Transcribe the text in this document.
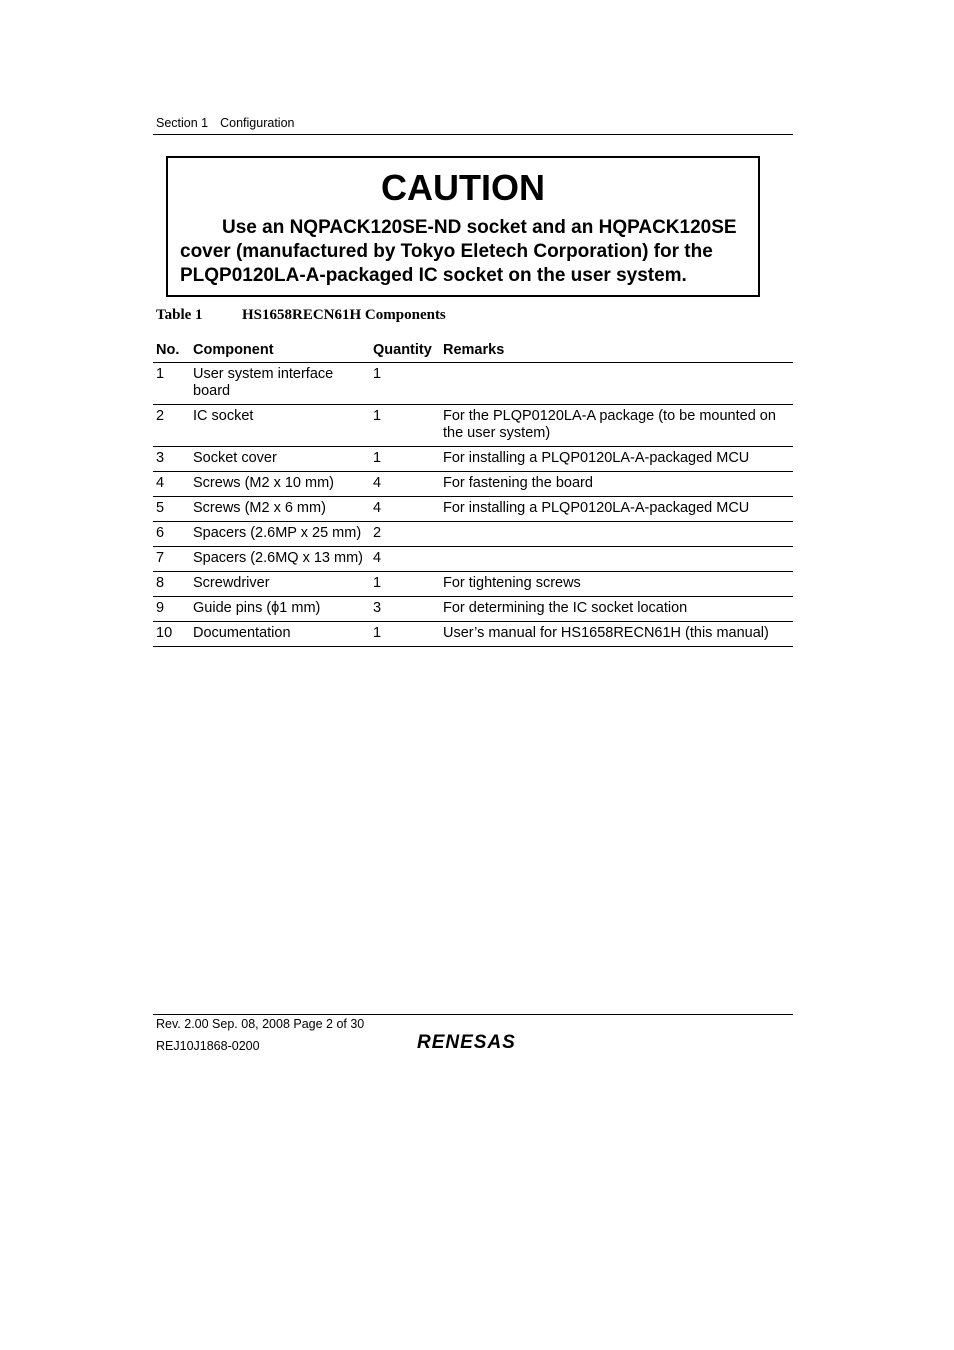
Section 1 Configuration
CAUTION
Use an NQPACK120SE-ND socket and an HQPACK120SE cover (manufactured by Tokyo Eletech Corporation) for the PLQP0120LA-A-packaged IC socket on the user system.
Table 1	HS1658RECN61H Components
No.	Component	Quantity	Remarks
1	User system interface board	1	
2	IC socket	1	For the PLQP0120LA-A package (to be mounted on the user system)
3	Socket cover	1	For installing a PLQP0120LA-A-packaged MCU
4	Screws (M2 x 10 mm)	4	For fastening the board
5	Screws (M2 x 6 mm)	4	For installing a PLQP0120LA-A-packaged MCU
6	Spacers (2.6MP x 25 mm)	2	
7	Spacers (2.6MQ x 13 mm)	4	
8	Screwdriver	1	For tightening screws
9	Guide pins (ϕ1 mm)	3	For determining the IC socket location
10	Documentation	1	User’s manual for HS1658RECN61H (this manual)
Rev. 2.00 Sep. 08, 2008 Page 2 of 30
REJ10J1868-0200	RENESAS
